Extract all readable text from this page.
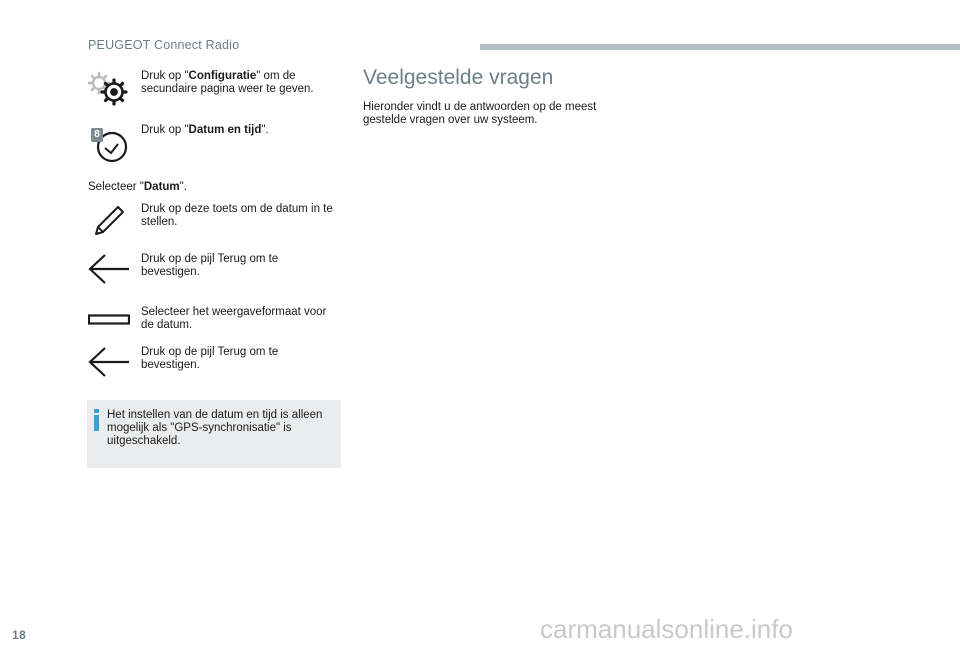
PEUGEOT Connect Radio
Druk op "Configuratie" om de secundaire pagina weer te geven.
8	Druk op "Datum en tijd".
Selecteer "Datum".
Druk op deze toets om de datum in te stellen.
Druk op de pijl Terug om te bevestigen.
Selecteer het weergaveformaat voor de datum.
Druk op de pijl Terug om te bevestigen.
Het instellen van de datum en tijd is alleen mogelijk als "GPS-synchronisatie" is uitgeschakeld.
Veelgestelde vragen
Hieronder vindt u de antwoorden op de meest gestelde vragen over uw systeem.
18	carmanualsonline.info
